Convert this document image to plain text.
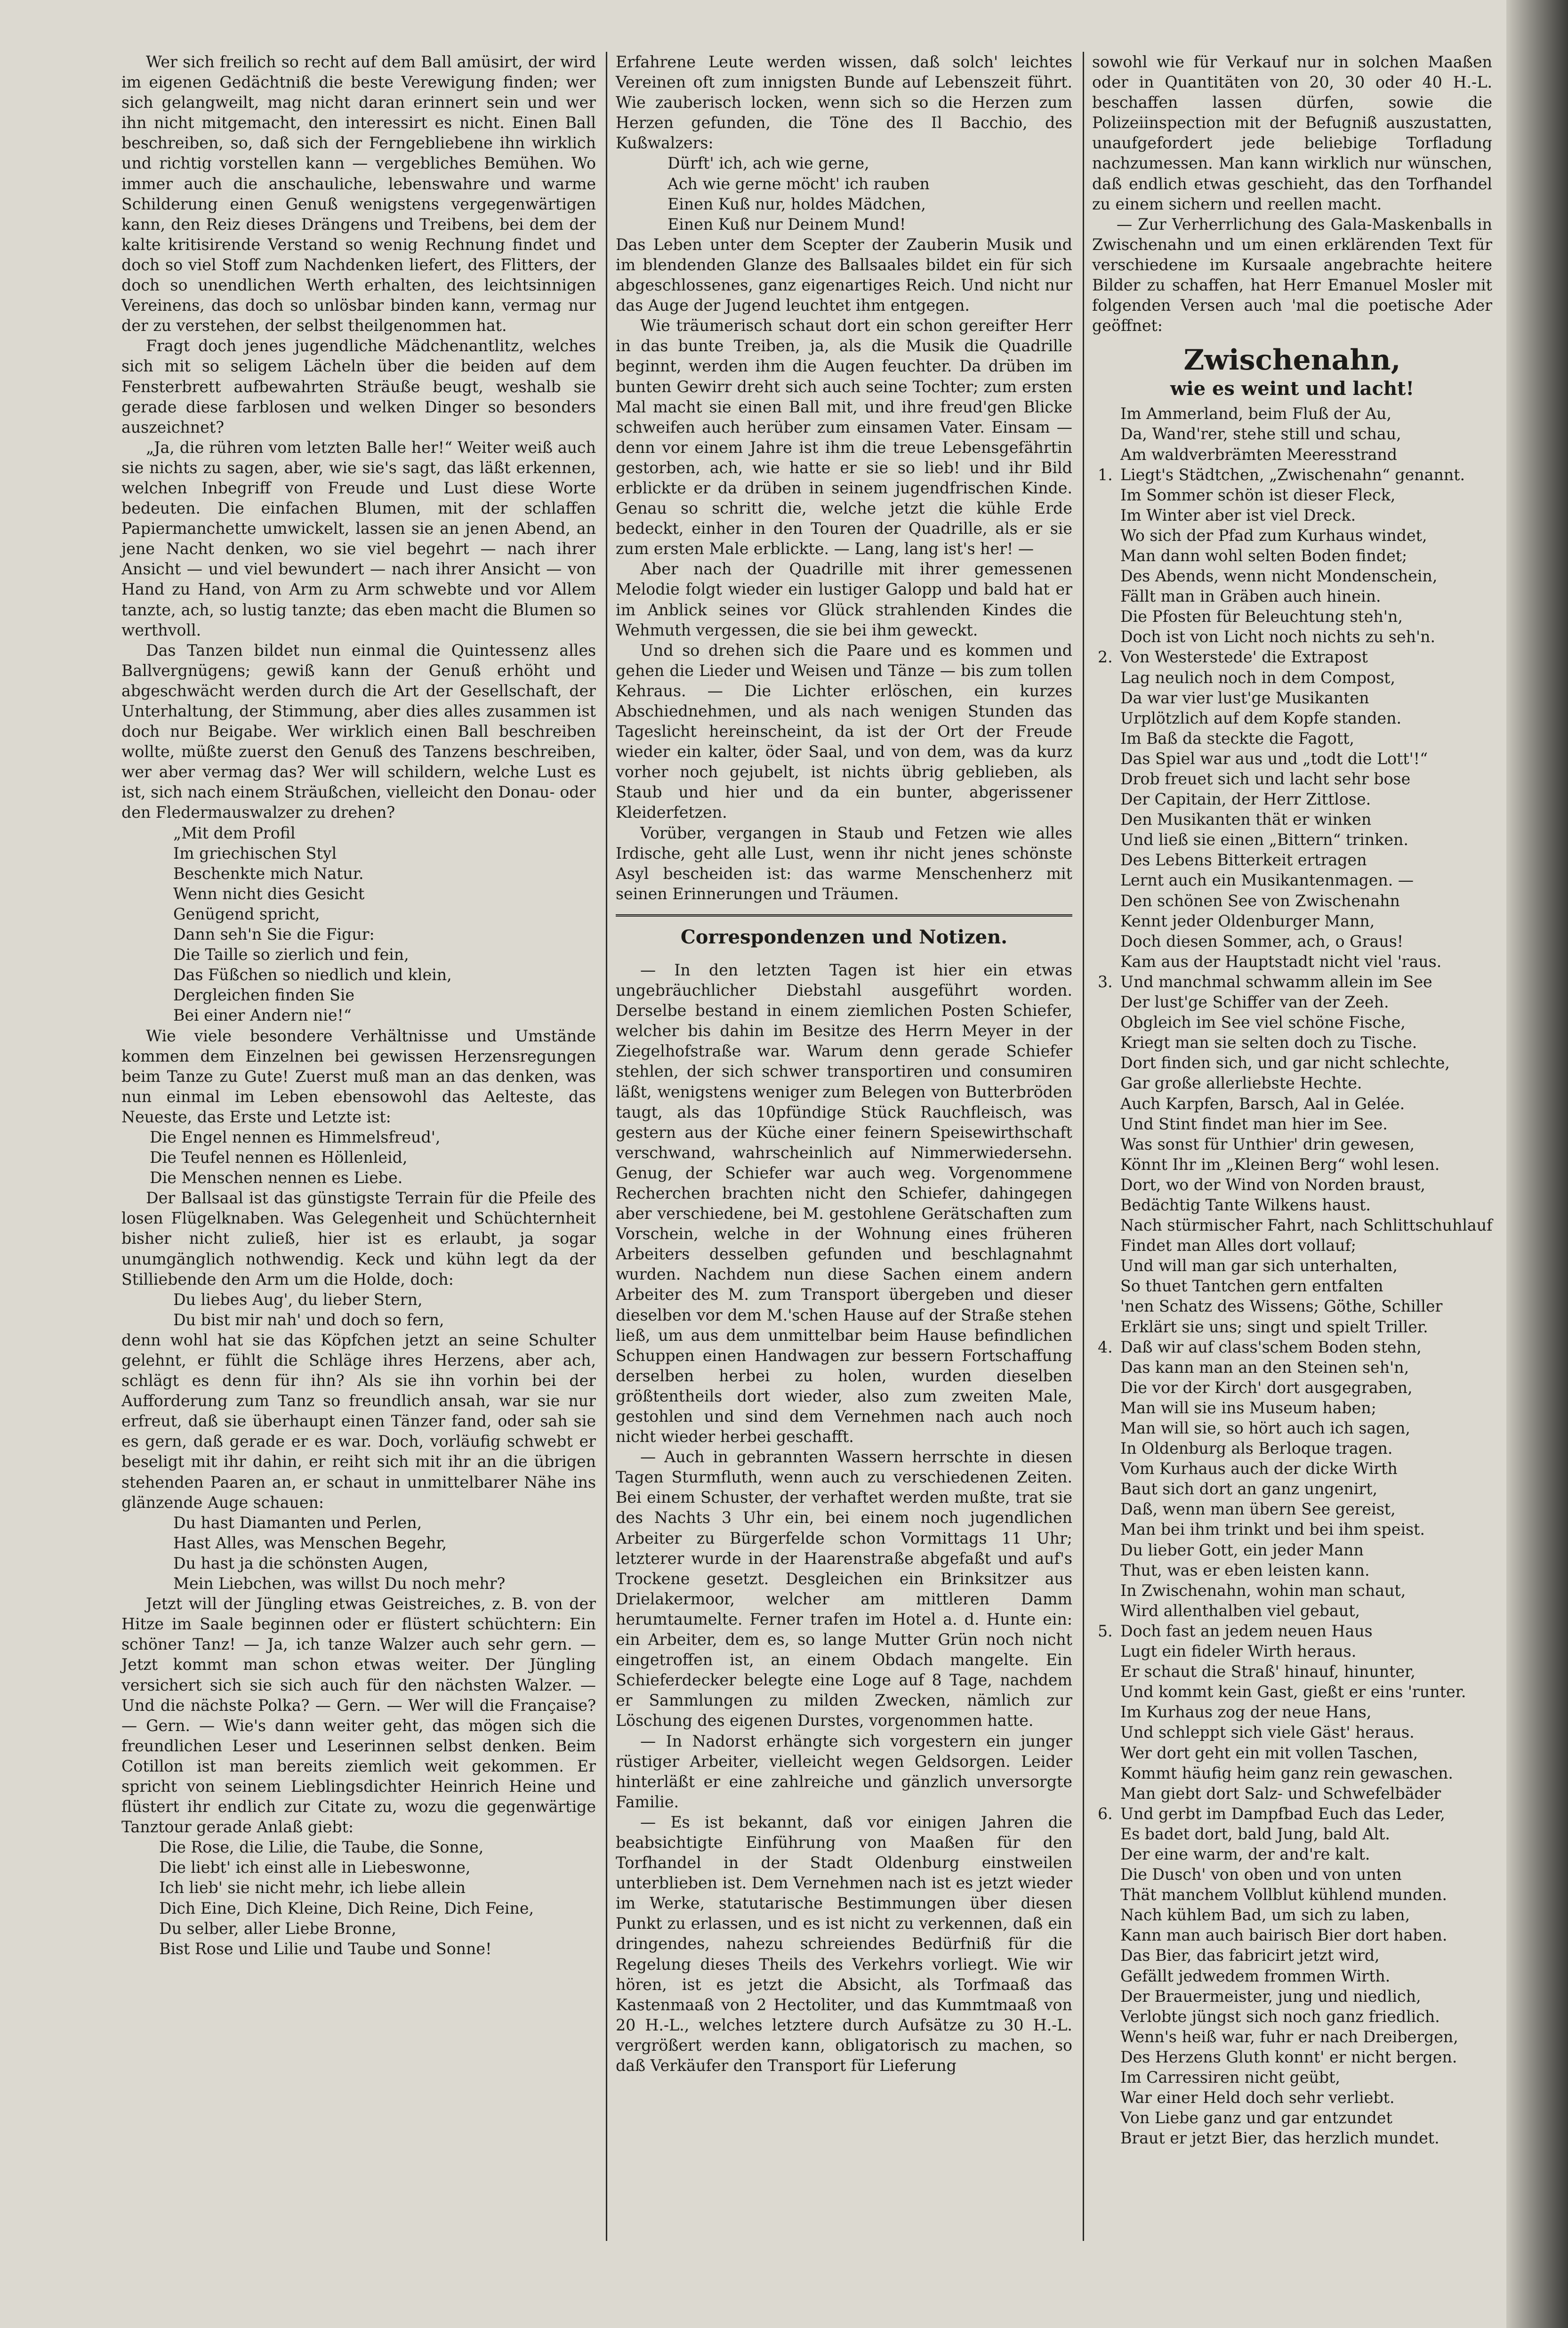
Wer sich freilich so recht auf dem Ball amüsirt, der wird im eigenen Gedächtniß die beste Verewigung finden; wer sich gelangweilt, mag nicht daran erinnert sein und wer ihn nicht mitgemacht, den interessirt es nicht. Einen Ball beschreiben, so, daß sich der Ferngebliebene ihn wirklich und richtig vorstellen kann — vergebliches Bemühen. Wo immer auch die anschauliche, lebenswahre und warme Schilderung einen Genuß wenigstens vergegenwärtigen kann, den Reiz dieses Drängens und Treibens, bei dem der kalte kritisirende Verstand so wenig Rechnung findet und doch so viel Stoff zum Nachdenken liefert, des Flitters, der doch so unendlichen Werth erhalten, des leichtsinnigen Vereinens, das doch so unlösbar binden kann, vermag nur der zu verstehen, der selbst theilgenommen hat.

Fragt doch jenes jugendliche Mädchenantlitz, welches sich mit so seligem Lächeln über die beiden auf dem Fensterbrett aufbewahrten Sträuße beugt, weshalb sie gerade diese farblosen und welken Dinger so besonders auszeichnet?

„Ja, die rühren vom letzten Balle her!“ Weiter weiß auch sie nichts zu sagen, aber, wie sie's sagt, das läßt erkennen, welchen Inbegriff von Freude und Lust diese Worte bedeuten. Die einfachen Blumen, mit der schlaffen Papiermanchette umwickelt, lassen sie an jenen Abend, an jene Nacht denken, wo sie viel begehrt — nach ihrer Ansicht — und viel bewundert — nach ihrer Ansicht — von Hand zu Hand, von Arm zu Arm schwebte und vor Allem tanzte, ach, so lustig tanzte; das eben macht die Blumen so werthvoll.

Das Tanzen bildet nun einmal die Quintessenz alles Ballvergnügens; gewiß kann der Genuß erhöht und abgeschwächt werden durch die Art der Gesellschaft, der Unterhaltung, der Stimmung, aber dies alles zusammen ist doch nur Beigabe. Wer wirklich einen Ball beschreiben wollte, müßte zuerst den Genuß des Tanzens beschreiben, wer aber vermag das? Wer will schildern, welche Lust es ist, sich nach einem Sträußchen, vielleicht den Donau- oder den Fledermauswalzer zu drehen?

„Mit dem Profil
Im griechischen Styl
Beschenkte mich Natur.
Wenn nicht dies Gesicht
Genügend spricht,
Dann seh'n Sie die Figur:
Die Taille so zierlich und fein,
Das Füßchen so niedlich und klein,
Dergleichen finden Sie
Bei einer Andern nie!“

Wie viele besondere Verhältnisse und Umstände kommen dem Einzelnen bei gewissen Herzensregungen beim Tanze zu Gute! Zuerst muß man an das denken, was nun einmal im Leben ebensowohl das Aelteste, das Neueste, das Erste und Letzte ist:

Die Engel nennen es Himmelsfreud',
Die Teufel nennen es Höllenleid,
Die Menschen nennen es Liebe.

Der Ballsaal ist das günstigste Terrain für die Pfeile des losen Flügelknaben. Was Gelegenheit und Schüchternheit bisher nicht zuließ, hier ist es erlaubt, ja sogar unumgänglich nothwendig. Keck und kühn legt da der Stilliebende den Arm um die Holde, doch:

Du liebes Aug', du lieber Stern,
Du bist mir nah' und doch so fern,

denn wohl hat sie das Köpfchen jetzt an seine Schulter gelehnt, er fühlt die Schläge ihres Herzens, aber ach, schlägt es denn für ihn? Als sie ihn vorhin bei der Aufforderung zum Tanz so freundlich ansah, war sie nur erfreut, daß sie überhaupt einen Tänzer fand, oder sah sie es gern, daß gerade er es war. Doch, vorläufig schwebt er beseligt mit ihr dahin, er reiht sich mit ihr an die übrigen stehenden Paaren an, er schaut in unmittelbarer Nähe ins glänzende Auge schauen:

Du hast Diamanten und Perlen,
Hast Alles, was Menschen Begehr,
Du hast ja die schönsten Augen,
Mein Liebchen, was willst Du noch mehr?

Jetzt will der Jüngling etwas Geistreiches, z. B. von der Hitze im Saale beginnen oder er flüstert schüchtern: Ein schöner Tanz! — Ja, ich tanze Walzer auch sehr gern. — Jetzt kommt man schon etwas weiter. Der Jüngling versichert sich sie sich auch für den nächsten Walzer. — Und die nächste Polka? — Gern. — Wer will die Française? — Gern. — Wie's dann weiter geht, das mögen sich die freundlichen Leser und Leserinnen selbst denken. Beim Cotillon ist man bereits ziemlich weit gekommen. Er spricht von seinem Lieblingsdichter Heinrich Heine und flüstert ihr endlich zur Citate zu, wozu die gegenwärtige Tanztour gerade Anlaß giebt:

Die Rose, die Lilie, die Taube, die Sonne,
Die liebt' ich einst alle in Liebeswonne,
Ich lieb' sie nicht mehr, ich liebe allein
Dich Eine, Dich Kleine, Dich Reine, Dich Feine,
Du selber, aller Liebe Bronne,
Bist Rose und Lilie und Taube und Sonne!

Erfahrene Leute werden wissen, daß solch' leichtes Vereinen oft zum innigsten Bunde auf Lebenszeit führt. Wie zauberisch locken, wenn sich so die Herzen zum Herzen gefunden, die Töne des Il Bacchio, des Kußwalzers:

Dürft' ich, ach wie gerne,
Ach wie gerne möcht' ich rauben
Einen Kuß nur, holdes Mädchen,
Einen Kuß nur Deinem Mund!

Das Leben unter dem Scepter der Zauberin Musik und im blendenden Glanze des Ballsaales bildet ein für sich abgeschlossenes, ganz eigenartiges Reich. Und nicht nur das Auge der Jugend leuchtet ihm entgegen.

Wie träumerisch schaut dort ein schon gereifter Herr in das bunte Treiben, ja, als die Musik die Quadrille beginnt, werden ihm die Augen feuchter. Da drüben im bunten Gewirr dreht sich auch seine Tochter; zum ersten Mal macht sie einen Ball mit, und ihre freud'gen Blicke schweifen auch herüber zum einsamen Vater. Einsam — denn vor einem Jahre ist ihm die treue Lebensgefährtin gestorben, ach, wie hatte er sie so lieb! und ihr Bild erblickte er da drüben in seinem jugendfrischen Kinde. Genau so schritt die, welche jetzt die kühle Erde bedeckt, einher in den Touren der Quadrille, als er sie zum ersten Male erblickte. — Lang, lang ist's her! —

Aber nach der Quadrille mit ihrer gemessenen Melodie folgt wieder ein lustiger Galopp und bald hat er im Anblick seines vor Glück strahlenden Kindes die Wehmuth vergessen, die sie bei ihm geweckt.

Und so drehen sich die Paare und es kommen und gehen die Lieder und Weisen und Tänze — bis zum tollen Kehraus. — Die Lichter erlöschen, ein kurzes Abschiednehmen, und als nach wenigen Stunden das Tageslicht hereinscheint, da ist der Ort der Freude wieder ein kalter, öder Saal, und von dem, was da kurz vorher noch gejubelt, ist nichts übrig geblieben, als Staub und hier und da ein bunter, abgerissener Kleiderfetzen.

Vorüber, vergangen in Staub und Fetzen wie alles Irdische, geht alle Lust, wenn ihr nicht jenes schönste Asyl bescheiden ist: das warme Menschenherz mit seinen Erinnerungen und Träumen.

Correspondenzen und Notizen.

— In den letzten Tagen ist hier ein etwas ungebräuchlicher Diebstahl ausgeführt worden. Derselbe bestand in einem ziemlichen Posten Schiefer, welcher bis dahin im Besitze des Herrn Meyer in der Ziegelhofstraße war. Warum denn gerade Schiefer stehlen, der sich schwer transportiren und consumiren läßt, wenigstens weniger zum Belegen von Butterbröden taugt, als das 10pfündige Stück Rauchfleisch, was gestern aus der Küche einer feinern Speisewirthschaft verschwand, wahrscheinlich auf Nimmerwiedersehn. Genug, der Schiefer war auch weg. Vorgenommene Recherchen brachten nicht den Schiefer, dahingegen aber verschiedene, bei M. gestohlene Gerätschaften zum Vorschein, welche in der Wohnung eines früheren Arbeiters desselben gefunden und beschlagnahmt wurden. Nachdem nun diese Sachen einem andern Arbeiter des M. zum Transport übergeben und dieser dieselben vor dem M.'schen Hause auf der Straße stehen ließ, um aus dem unmittelbar beim Hause befindlichen Schuppen einen Handwagen zur bessern Fortschaffung derselben herbei zu holen, wurden dieselben größtentheils dort wieder, also zum zweiten Male, gestohlen und sind dem Vernehmen nach auch noch nicht wieder herbei geschafft.

— Auch in gebrannten Wassern herrschte in diesen Tagen Sturmfluth, wenn auch zu verschiedenen Zeiten. Bei einem Schuster, der verhaftet werden mußte, trat sie des Nachts 3 Uhr ein, bei einem noch jugendlichen Arbeiter zu Bürgerfelde schon Vormittags 11 Uhr; letzterer wurde in der Haarenstraße abgefaßt und auf's Trockene gesetzt. Desgleichen ein Brinksitzer aus Drielakermoor, welcher am mittleren Damm herumtaumelte. Ferner trafen im Hotel a. d. Hunte ein: ein Arbeiter, dem es, so lange Mutter Grün noch nicht eingetroffen ist, an einem Obdach mangelte. Ein Schieferdecker belegte eine Loge auf 8 Tage, nachdem er Sammlungen zu milden Zwecken, nämlich zur Löschung des eigenen Durstes, vorgenommen hatte.

— In Nadorst erhängte sich vorgestern ein junger rüstiger Arbeiter, vielleicht wegen Geldsorgen. Leider hinterläßt er eine zahlreiche und gänzlich unversorgte Familie.

— Es ist bekannt, daß vor einigen Jahren die beabsichtigte Einführung von Maaßen für den Torfhandel in der Stadt Oldenburg einstweilen unterblieben ist. Dem Vernehmen nach ist es jetzt wieder im Werke, statutarische Bestimmungen über diesen Punkt zu erlassen, und es ist nicht zu verkennen, daß ein dringendes, nahezu schreiendes Bedürfniß für die Regelung dieses Theils des Verkehrs vorliegt. Wie wir hören, ist es jetzt die Absicht, als Torfmaaß das Kastenmaaß von 2 Hectoliter, und das Kummtmaaß von 20 H.-L., welches letztere durch Aufsätze zu 30 H.-L. vergrößert werden kann, obligatorisch zu machen, so daß Verkäufer den Transport für Lieferung

sowohl wie für Verkauf nur in solchen Maaßen oder in Quantitäten von 20, 30 oder 40 H.-L. beschaffen lassen dürfen, sowie die Polizeiinspection mit der Befugniß auszustatten, unaufgefordert jede beliebige Torfladung nachzumessen. Man kann wirklich nur wünschen, daß endlich etwas geschieht, das den Torfhandel zu einem sichern und reellen macht.

— Zur Verherrlichung des Gala-Maskenballs in Zwischenahn und um einen erklärenden Text für verschiedene im Kursaale angebrachte heitere Bilder zu schaffen, hat Herr Emanuel Mosler mit folgenden Versen auch 'mal die poetische Ader geöffnet:

Zwischenahn,
wie es weint und lacht!
Im Ammerland, beim Fluß der Au,
Da, Wand'rer, stehe still und schau,
Am waldverbrämten Meeresstrand
1. Liegt's Städtchen, „Zwischenahn“ genannt.
Im Sommer schön ist dieser Fleck,
Im Winter aber ist viel Dreck.
Wo sich der Pfad zum Kurhaus windet,
Man dann wohl selten Boden findet;
Des Abends, wenn nicht Mondenschein,
Fällt man in Gräben auch hinein.
Die Pfosten für Beleuchtung steh'n,
Doch ist von Licht noch nichts zu seh'n.
2. Von Westerstede' die Extrapost
Lag neulich noch in dem Compost,
Da war vier lust'ge Musikanten
Urplötzlich auf dem Kopfe standen.
Im Baß da steckte die Fagott,
Das Spiel war aus und „todt die Lott'!“
Drob freuet sich und lacht sehr bose
Der Capitain, der Herr Zittlose.
Den Musikanten thät er winken
Und ließ sie einen „Bittern“ trinken.
Des Lebens Bitterkeit ertragen
Lernt auch ein Musikantenmagen. —
Den schönen See von Zwischenahn
Kennt jeder Oldenburger Mann,
Doch diesen Sommer, ach, o Graus!
Kam aus der Hauptstadt nicht viel 'raus.
3. Und manchmal schwamm allein im See
Der lust'ge Schiffer van der Zeeh.
Obgleich im See viel schöne Fische,
Kriegt man sie selten doch zu Tische.
Dort finden sich, und gar nicht schlechte,
Gar große allerliebste Hechte.
Auch Karpfen, Barsch, Aal in Gelée.
Und Stint findet man hier im See.
Was sonst für Unthier' drin gewesen,
Könnt Ihr im „Kleinen Berg“ wohl lesen.
Dort, wo der Wind von Norden braust,
Bedächtig Tante Wilkens haust.
Nach stürmischer Fahrt, nach Schlittschuhlauf
Findet man Alles dort vollauf;
Und will man gar sich unterhalten,
So thuet Tantchen gern entfalten
'nen Schatz des Wissens; Göthe, Schiller
Erklärt sie uns; singt und spielt Triller.
4. Daß wir auf class'schem Boden stehn,
Das kann man an den Steinen seh'n,
Die vor der Kirch' dort ausgegraben,
Man will sie ins Museum haben;
Man will sie, so hört auch ich sagen,
In Oldenburg als Berloque tragen.
Vom Kurhaus auch der dicke Wirth
Baut sich dort an ganz ungenirt,
Daß, wenn man übern See gereist,
Man bei ihm trinkt und bei ihm speist.
Du lieber Gott, ein jeder Mann
Thut, was er eben leisten kann.
In Zwischenahn, wohin man schaut,
Wird allenthalben viel gebaut,
5. Doch fast an jedem neuen Haus
Lugt ein fideler Wirth heraus.
Er schaut die Straß' hinauf, hinunter,
Und kommt kein Gast, gießt er eins 'runter.
Im Kurhaus zog der neue Hans,
Und schleppt sich viele Gäst' heraus.
Wer dort geht ein mit vollen Taschen,
Kommt häufig heim ganz rein gewaschen.
Man giebt dort Salz- und Schwefelbäder
6. Und gerbt im Dampfbad Euch das Leder,
Es badet dort, bald Jung, bald Alt.
Der eine warm, der and're kalt.
Die Dusch' von oben und von unten
Thät manchem Vollblut kühlend munden.
Nach kühlem Bad, um sich zu laben,
Kann man auch bairisch Bier dort haben.
Das Bier, das fabricirt jetzt wird,
Gefällt jedwedem frommen Wirth.
Der Brauermeister, jung und niedlich,
Verlobte jüngst sich noch ganz friedlich.
Wenn's heiß war, fuhr er nach Dreibergen,
Des Herzens Gluth konnt' er nicht bergen.
Im Carressiren nicht geübt,
War einer Held doch sehr verliebt.
Von Liebe ganz und gar entzundet
Braut er jetzt Bier, das herzlich mundet.
